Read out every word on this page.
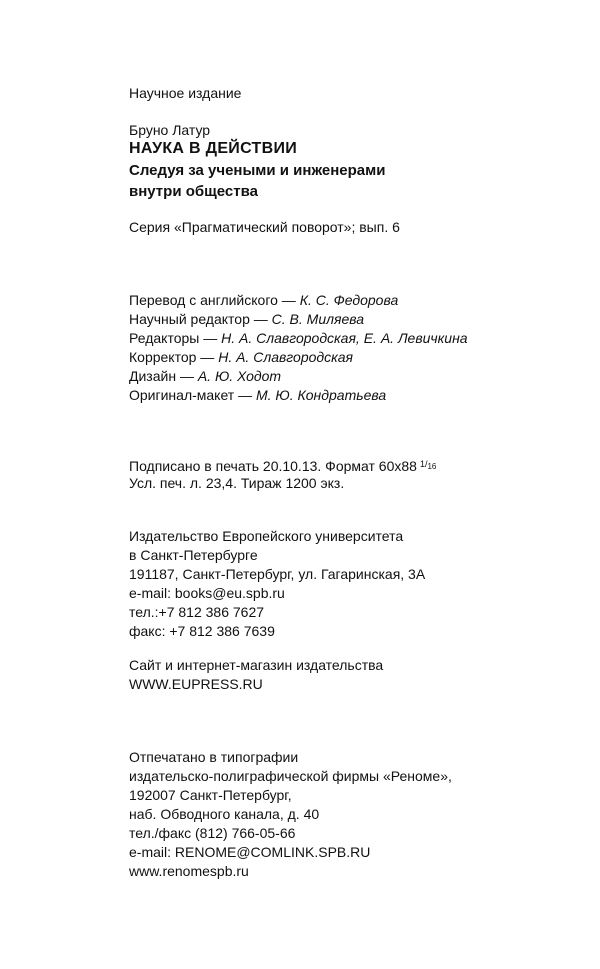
Научное издание
Бруно Латур
НАУКА В ДЕЙСТВИИ
Следуя за учеными и инженерами
внутри общества
Серия «Прагматический поворот»; вып. 6
Перевод с английского — К. С. Федорова
Научный редактор — С. В. Миляева
Редакторы — Н. А. Славгородская, Е. А. Левичкина
Корректор — Н. А. Славгородская
Дизайн — А. Ю. Ходот
Оригинал-макет — М. Ю. Кондратьева
Подписано в печать 20.10.13. Формат 60x88 $^{1/16}$
Усл. печ. л. 23,4. Тираж 1200 экз.
Издательство Европейского университета
в Санкт-Петербурге
191187, Санкт-Петербург, ул. Гагаринская, 3А
e-mail: books@eu.spb.ru
тел.:+7 812 386 7627
факс: +7 812 386 7639
Сайт и интернет-магазин издательства
WWW.EUPRESS.RU
Отпечатано в типографии
издательско-полиграфической фирмы «Реноме»,
192007 Санкт-Петербург,
наб. Обводного канала, д. 40
тел./факс (812) 766-05-66
e-mail: RENOME@COMLINK.SPB.RU
www.renomespb.ru
